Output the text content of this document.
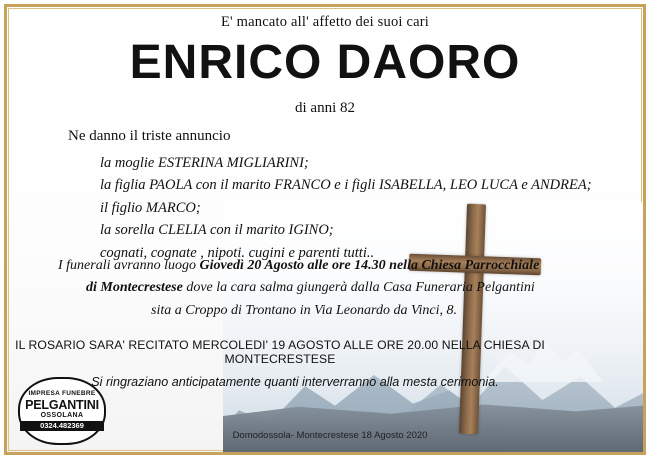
E' mancato all' affetto dei suoi cari
ENRICO DAORO
di anni 82
Ne danno il triste annuncio
la moglie ESTERINA MIGLIARINI;
la figlia PAOLA con il marito FRANCO e i figli ISABELLA, LEO LUCA e ANDREA;
il figlio MARCO;
la sorella CLELIA con il marito IGINO;
cognati, cognate , nipoti. cugini e parenti tutti..
I funerali avranno luogo Giovedì 20 Agosto alle ore 14.30 nella Chiesa Parrocchiale
di Montecrestese dove la cara salma giungerà dalla Casa Funeraria Pelgantini
sita a Croppo di Trontano in Via Leonardo da Vinci, 8.
IL ROSARIO SARA' RECITATO MERCOLEDI' 19 AGOSTO ALLE ORE 20.00 NELLA CHIESA DI MONTECRESTESE
Si ringraziano anticipatamente quanti interverranno alla mesta cerimonia.
Domodossola- Montecrestese 18 Agosto 2020
IMPRESA FUNEBRE
PELGANTINI
OSSOLANA
0324.482369
